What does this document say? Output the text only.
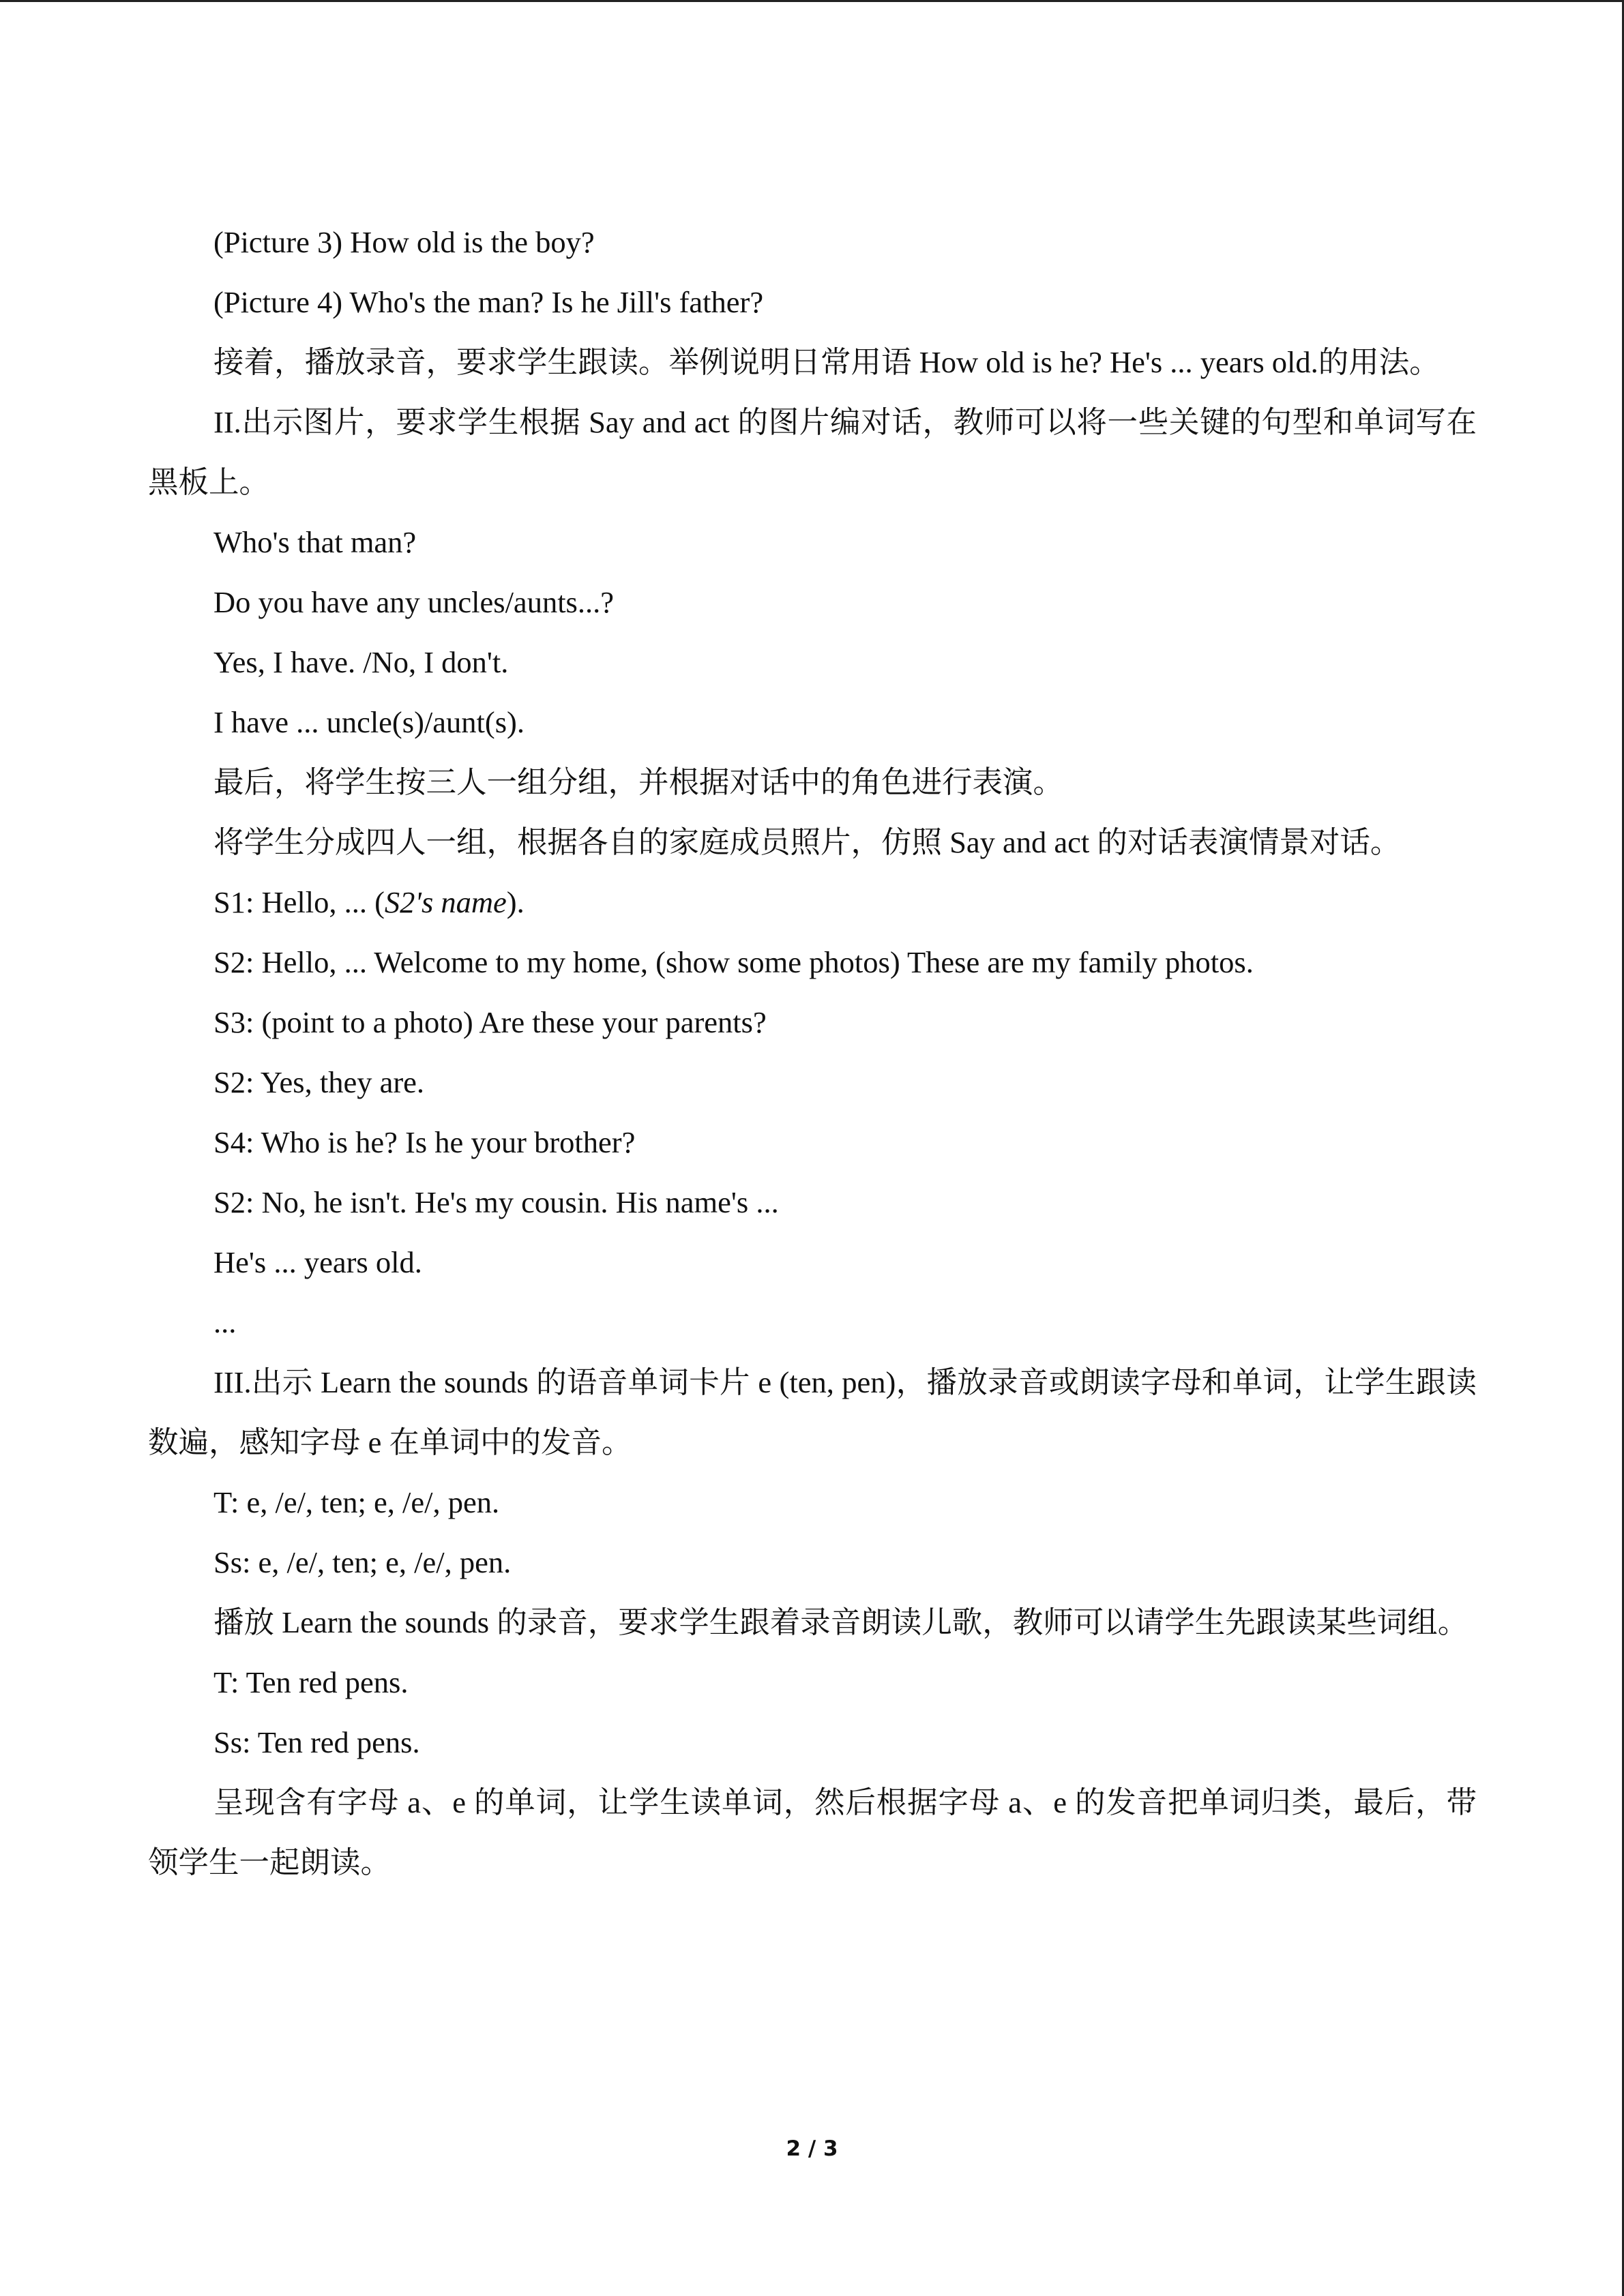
(Picture 3) How old is the boy?

(Picture 4) Who's the man? Is he Jill's father?

接着，播放录音，要求学生跟读。举例说明日常用语 How old is he? He's ... years old.的用法。

II.出示图片，要求学生根据 Say and act 的图片编对话，教师可以将一些关键的句型和单词写在黑板上。

Who's that man?

Do you have any uncles/aunts...?

Yes, I have. /No, I don't.

I have ... uncle(s)/aunt(s).

最后，将学生按三人一组分组，并根据对话中的角色进行表演。

将学生分成四人一组，根据各自的家庭成员照片，仿照 Say and act 的对话表演情景对话。

S1: Hello, ... (S2's name).

S2: Hello, ... Welcome to my home, (show some photos) These are my family photos.

S3: (point to a photo) Are these your parents?

S2: Yes, they are.

S4: Who is he? Is he your brother?

S2: No, he isn't. He's my cousin. His name's ...

He's ... years old.

...

III.出示 Learn the sounds 的语音单词卡片 e (ten, pen)，播放录音或朗读字母和单词，让学生跟读数遍，感知字母 e 在单词中的发音。

T: e, /e/, ten; e, /e/, pen.

Ss: e, /e/, ten; e, /e/, pen.

播放 Learn the sounds 的录音，要求学生跟着录音朗读儿歌，教师可以请学生先跟读某些词组。

T: Ten red pens.

Ss: Ten red pens.

呈现含有字母 a、e 的单词，让学生读单词，然后根据字母 a、e 的发音把单词归类，最后，带领学生一起朗读。

2 / 3
